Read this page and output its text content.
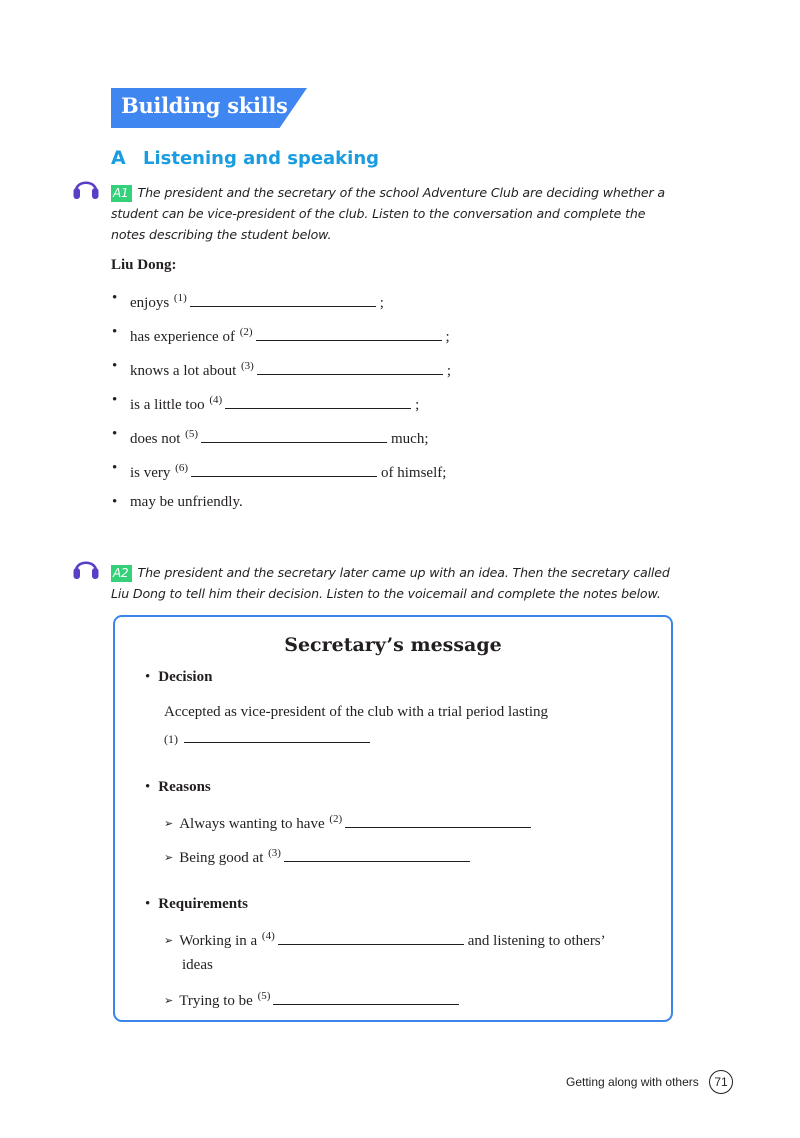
Building skills
A Listening and speaking
A1 The president and the secretary of the school Adventure Club are deciding whether a student can be vice-president of the club. Listen to the conversation and complete the notes describing the student below.
Liu Dong:
• enjoys $^{(1)}$	;
• has experience of $^{(2)}$	;
• knows a lot about $^{(3)}$	;
• is a little too $^{(4)}$	;
• does not $^{(5)}$	much;
• is very $^{(6)}$	of himself;
• may be unfriendly.
A2 The president and the secretary later came up with an idea. Then the secretary called Liu Dong to tell him their decision. Listen to the voicemail and complete the notes below.
Secretary’s message
• Decision
Accepted as vice-president of the club with a trial period lasting
(1)
• Reasons
➢ Always wanting to have $^{(2)}$
➢ Being good at $^{(3)}$
• Requirements
➢ Working in a $^{(4)}$	and listening to others’
ideas
➢ Trying to be $^{(5)}$
Getting along with others	71
